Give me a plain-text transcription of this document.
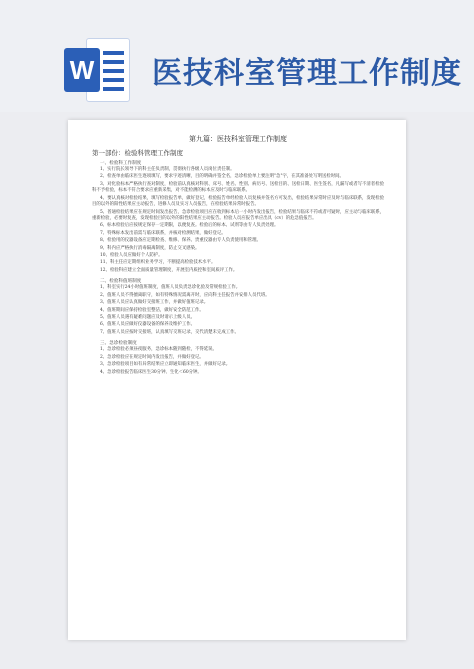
W 医技科室管理工作制度
第九篇：医技科室管理工作制度
第一部份：检验科管理工作制度
一、检验科工作制度
1、实行院长领导下的科主任负责制，贯彻执行各级人员岗位责任制。
2、检查单由临床医生逐项填写，要求字迹清晰，目的明确并签全名，急诊检验单上要注明"急"字，在其准备处写明送检时间。
3、对化验标本严格执行查对制度，检验前认真核对科别、床号、姓名、性别、病历号、送检目的、送检日期、医生签名，凡漏写或者写不清者检验科不予检验，标本不符合要求应重新采集，对不能检测的标本应及时与临床联系。
4、要认真核对检验结果，填写检验报告单，做好登记，检验报告单经检验人员复核并签名方可发出，检验结果异常时应及时与临床联系，发现检验目的以外的阳性结果应主动报告，进修人员及实习人员报告，在检验结果异常时报告。
5、普通检验结果应在规定时间发出报告，急诊检验项目应在收到标本后一小时内发出报告，检验结果与临床不符或者可疑时，应主动与临床联系，重新检验，必要时复查，发现检验目的以外的阳性结果应主动报告。检验人员应报告单应出具（cv）的危急值报告。
6、标本检验后应按规定保存一定期限，以便复查。检验后的标本、试剂等由专人负责处理。
7、特殊标本发出前需与临床联系，并核对检测结果，做好登记。
8、检验用的仪器设备应定期检查、维修、保养。贵重仪器由专人负责使用和管理。
9、科内应严格执行消毒隔离制度，防止交叉感染。
10、检验人员应做好个人防护。
11、科主任应定期组织业务学习，不断提高检验技术水平。
12、检验科应建立全面质量管理制度，开展室内质控和室间质评工作。
二、检验科值班制度
1、科室实行24小时值班制度，值班人员负责急诊化验及常规检验工作。
2、值班人员不得擅离职守，如有特殊情况需离开时，应向科主任报告并安排人员代班。
3、值班人员应认真做好交接班工作，并做好值班记录。
4、值班期间应保持检验室整洁，做好安全防范工作。
5、值班人员遇有疑难问题应及时请示上级人员。
6、值班人员应做好仪器设备的保养及维护工作。
7、值班人员应按时交接班，认真填写交班记录，交代清楚未完成工作。
三、急诊检验制度
1、急诊检验必须昼夜服务，急诊标本随到随检，不得延误。
2、急诊检验应在规定时间内发出报告，并做好登记。
3、急诊检验项目如有异常结果应立即通知临床医生，并做好记录。
4、急诊检验报告临床医生30分钟、生化＜60分钟。
